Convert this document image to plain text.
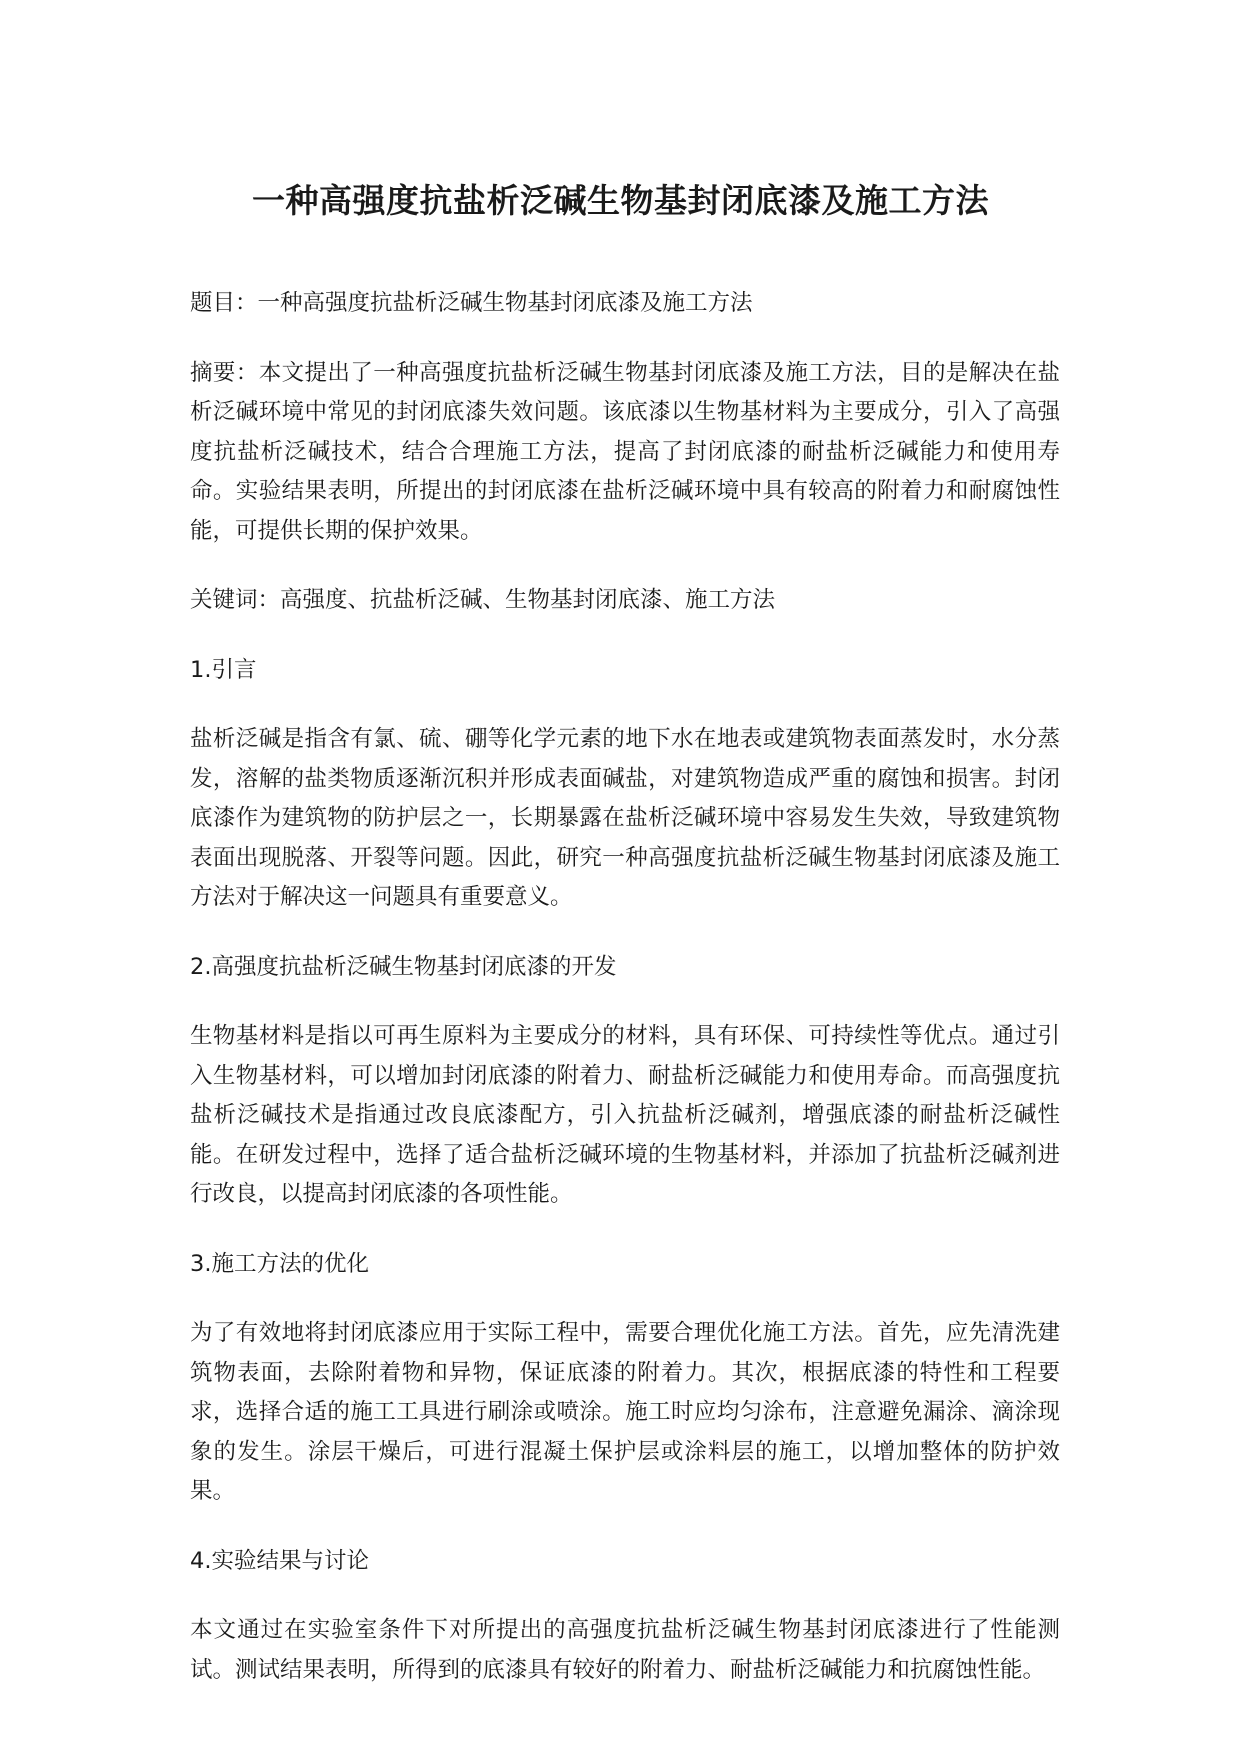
一种高强度抗盐析泛碱生物基封闭底漆及施工方法

题目：一种高强度抗盐析泛碱生物基封闭底漆及施工方法

摘要：本文提出了一种高强度抗盐析泛碱生物基封闭底漆及施工方法，目的是解决在盐析泛碱环境中常见的封闭底漆失效问题。该底漆以生物基材料为主要成分，引入了高强度抗盐析泛碱技术，结合合理施工方法，提高了封闭底漆的耐盐析泛碱能力和使用寿命。实验结果表明，所提出的封闭底漆在盐析泛碱环境中具有较高的附着力和耐腐蚀性能，可提供长期的保护效果。

关键词：高强度、抗盐析泛碱、生物基封闭底漆、施工方法

1.引言

盐析泛碱是指含有氯、硫、硼等化学元素的地下水在地表或建筑物表面蒸发时，水分蒸发，溶解的盐类物质逐渐沉积并形成表面碱盐，对建筑物造成严重的腐蚀和损害。封闭底漆作为建筑物的防护层之一，长期暴露在盐析泛碱环境中容易发生失效，导致建筑物表面出现脱落、开裂等问题。因此，研究一种高强度抗盐析泛碱生物基封闭底漆及施工方法对于解决这一问题具有重要意义。

2.高强度抗盐析泛碱生物基封闭底漆的开发

生物基材料是指以可再生原料为主要成分的材料，具有环保、可持续性等优点。通过引入生物基材料，可以增加封闭底漆的附着力、耐盐析泛碱能力和使用寿命。而高强度抗盐析泛碱技术是指通过改良底漆配方，引入抗盐析泛碱剂，增强底漆的耐盐析泛碱性能。在研发过程中，选择了适合盐析泛碱环境的生物基材料，并添加了抗盐析泛碱剂进行改良，以提高封闭底漆的各项性能。

3.施工方法的优化

为了有效地将封闭底漆应用于实际工程中，需要合理优化施工方法。首先，应先清洗建筑物表面，去除附着物和异物，保证底漆的附着力。其次，根据底漆的特性和工程要求，选择合适的施工工具进行刷涂或喷涂。施工时应均匀涂布，注意避免漏涂、滴涂现象的发生。涂层干燥后，可进行混凝土保护层或涂料层的施工，以增加整体的防护效果。

4.实验结果与讨论

本文通过在实验室条件下对所提出的高强度抗盐析泛碱生物基封闭底漆进行了性能测试。测试结果表明，所得到的底漆具有较好的附着力、耐盐析泛碱能力和抗腐蚀性能。
